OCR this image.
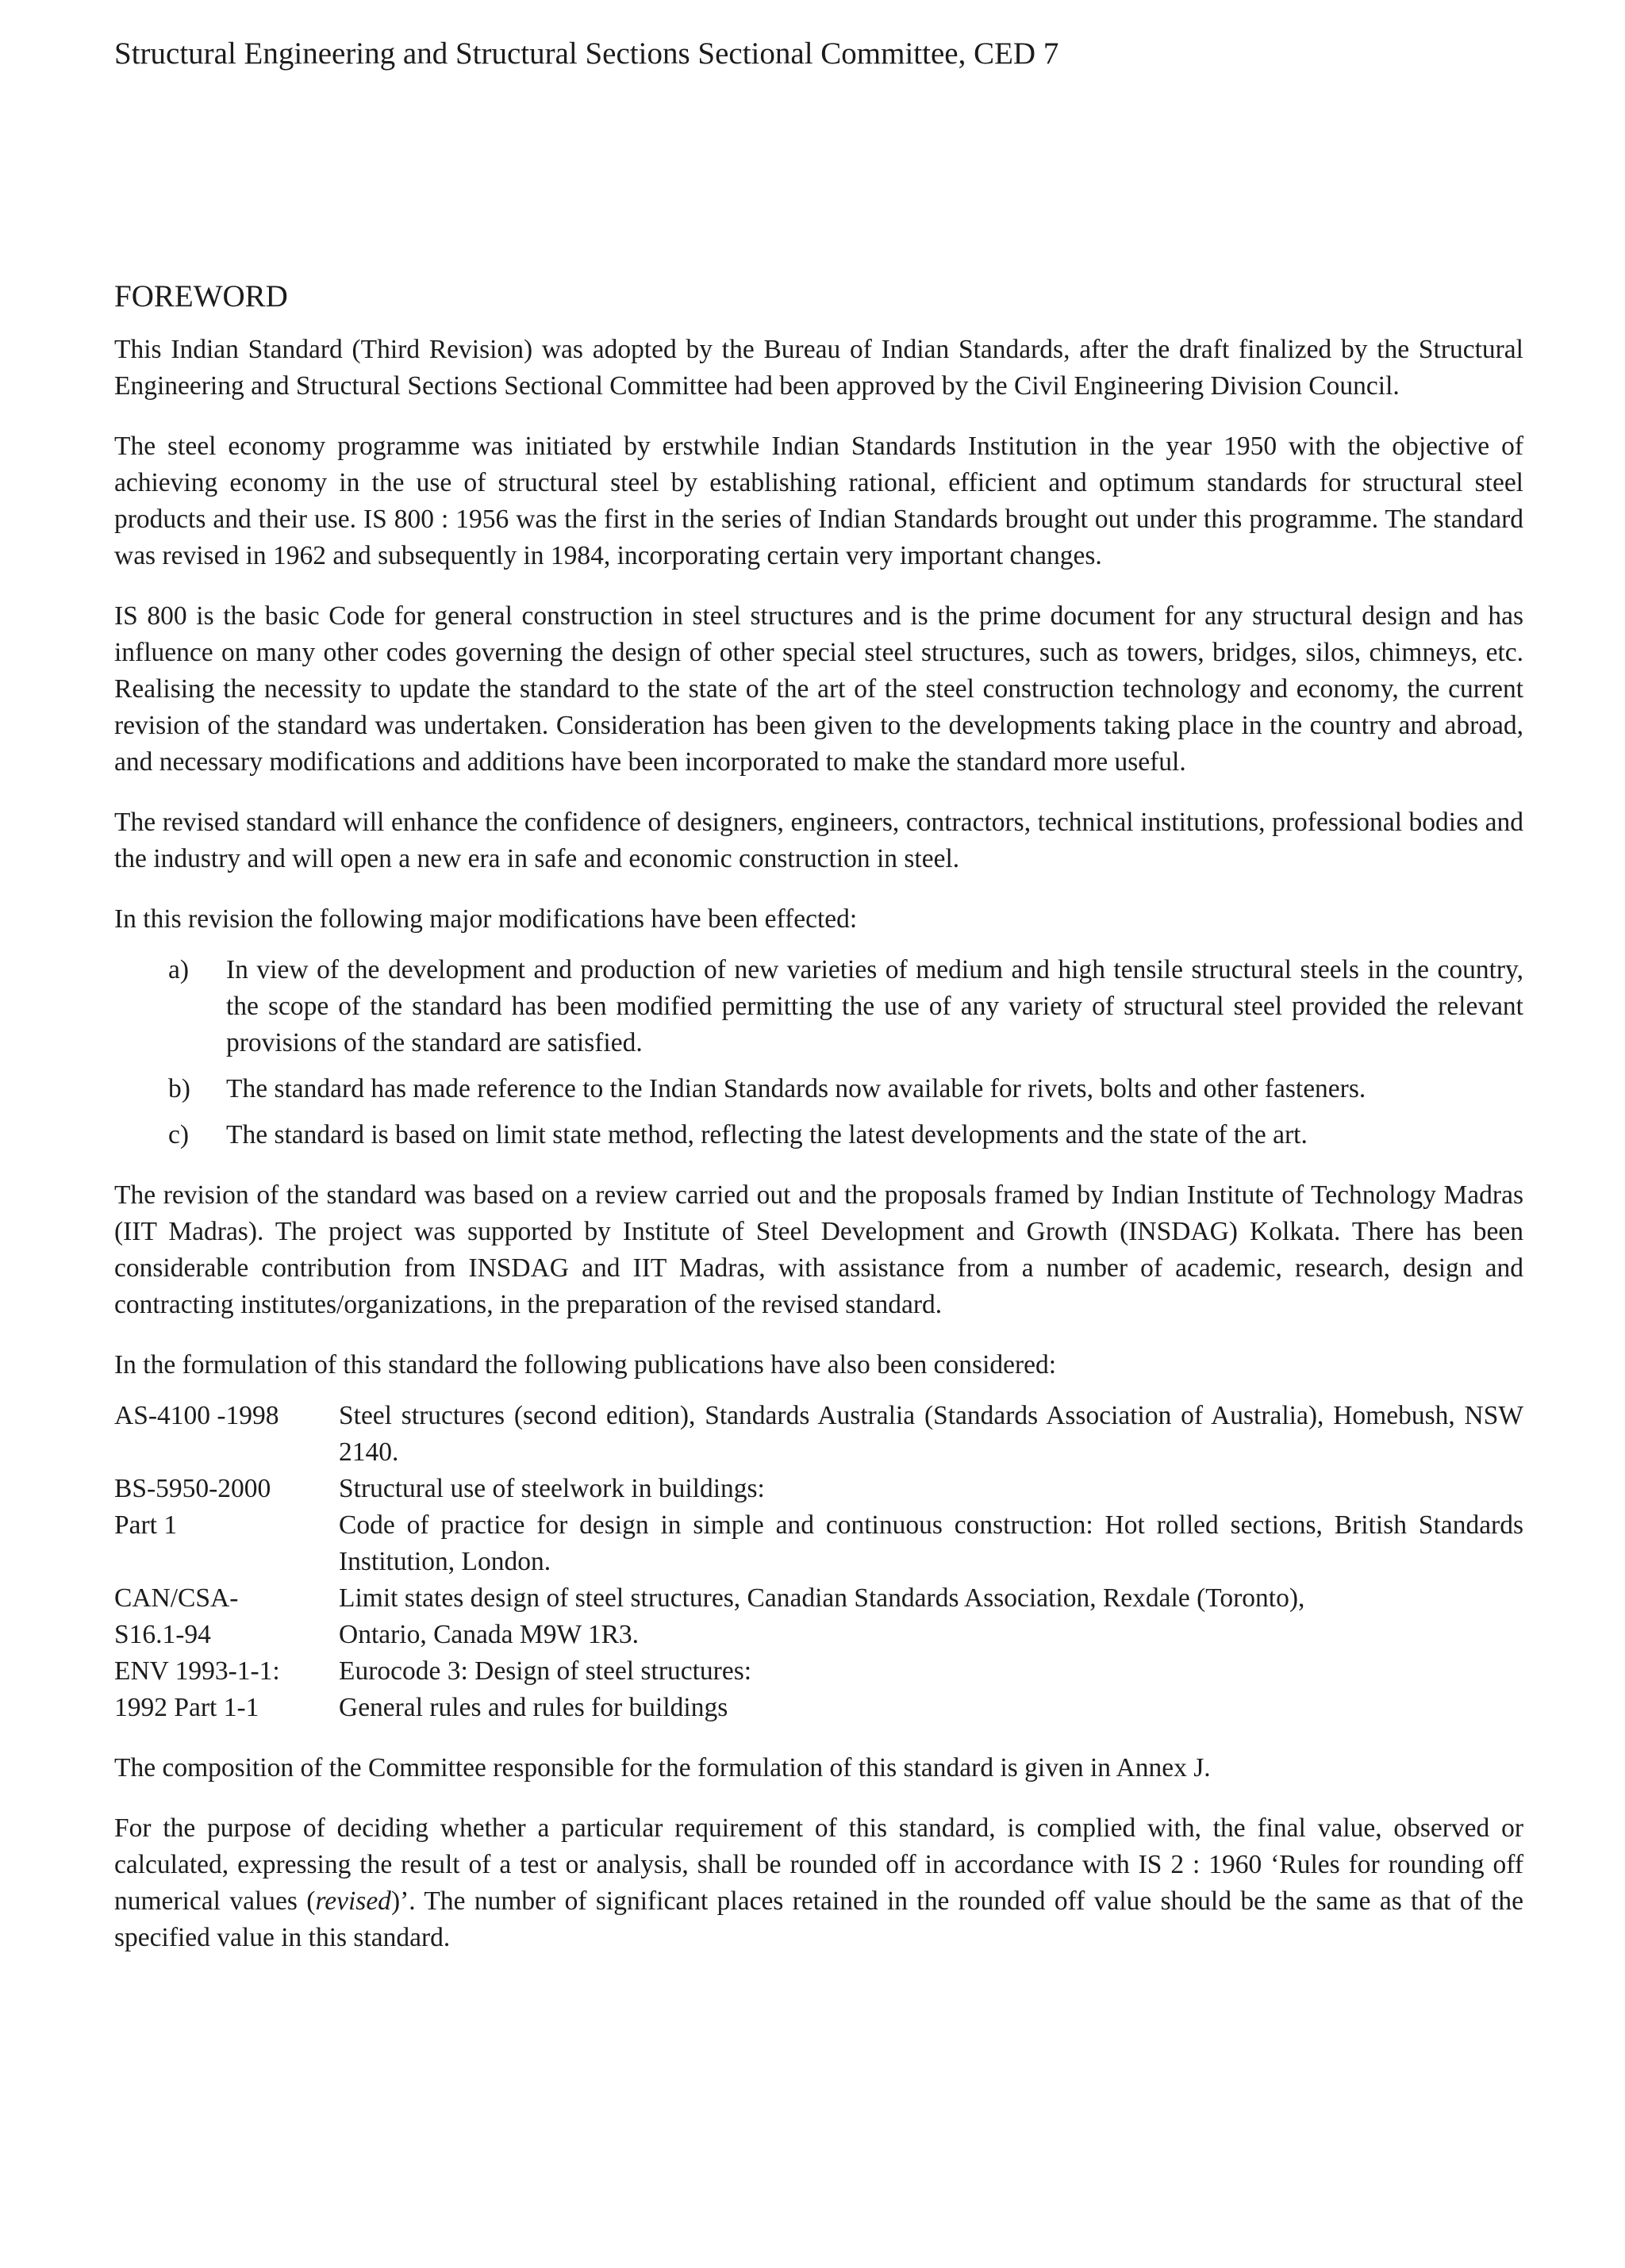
Structural Engineering and Structural Sections Sectional Committee, CED 7
FOREWORD

This Indian Standard (Third Revision) was adopted by the Bureau of Indian Standards, after the draft finalized by the Structural Engineering and Structural Sections Sectional Committee had been approved by the Civil Engineering Division Council.

The steel economy programme was initiated by erstwhile Indian Standards Institution in the year 1950 with the objective of achieving economy in the use of structural steel by establishing rational, efficient and optimum standards for structural steel products and their use. IS 800 : 1956 was the first in the series of Indian Standards brought out under this programme. The standard was revised in 1962 and subsequently in 1984, incorporating certain very important changes.

IS 800 is the basic Code for general construction in steel structures and is the prime document for any structural design and has influence on many other codes governing the design of other special steel structures, such as towers, bridges, silos, chimneys, etc. Realising the necessity to update the standard to the state of the art of the steel construction technology and economy, the current revision of the standard was undertaken. Consideration has been given to the developments taking place in the country and abroad, and necessary modifications and additions have been incorporated to make the standard more useful.

The revised standard will enhance the confidence of designers, engineers, contractors, technical institutions, professional bodies and the industry and will open a new era in safe and economic construction in steel.

In this revision the following major modifications have been effected:

a)	In view of the development and production of new varieties of medium and high tensile structural steels in the country, the scope of the standard has been modified permitting the use of any variety of structural steel provided the relevant provisions of the standard are satisfied.
b)	The standard has made reference to the Indian Standards now available for rivets, bolts and other fasteners.
c)	The standard is based on limit state method, reflecting the latest developments and the state of the art.

The revision of the standard was based on a review carried out and the proposals framed by Indian Institute of Technology Madras (IIT Madras). The project was supported by Institute of Steel Development and Growth (INSDAG) Kolkata. There has been considerable contribution from INSDAG and IIT Madras, with assistance from a number of academic, research, design and contracting institutes/organizations, in the preparation of the revised standard.

In the formulation of this standard the following publications have also been considered:

AS-4100 -1998	Steel structures (second edition), Standards Australia (Standards Association of Australia), Homebush, NSW 2140.
BS-5950-2000	Structural use of steelwork in buildings:
Part 1	Code of practice for design in simple and continuous construction: Hot rolled sections, British Standards Institution, London.
CAN/CSA-	Limit states design of steel structures, Canadian Standards Association, Rexdale (Toronto),
S16.1-94	Ontario, Canada M9W 1R3.
ENV 1993-1-1:	Eurocode 3: Design of steel structures:
1992 Part 1-1	General rules and rules for buildings

The composition of the Committee responsible for the formulation of this standard is given in Annex J.

For the purpose of deciding whether a particular requirement of this standard, is complied with, the final value, observed or calculated, expressing the result of a test or analysis, shall be rounded off in accordance with IS 2 : 1960 ‘Rules for rounding off numerical values (revised)’. The number of significant places retained in the rounded off value should be the same as that of the specified value in this standard.
